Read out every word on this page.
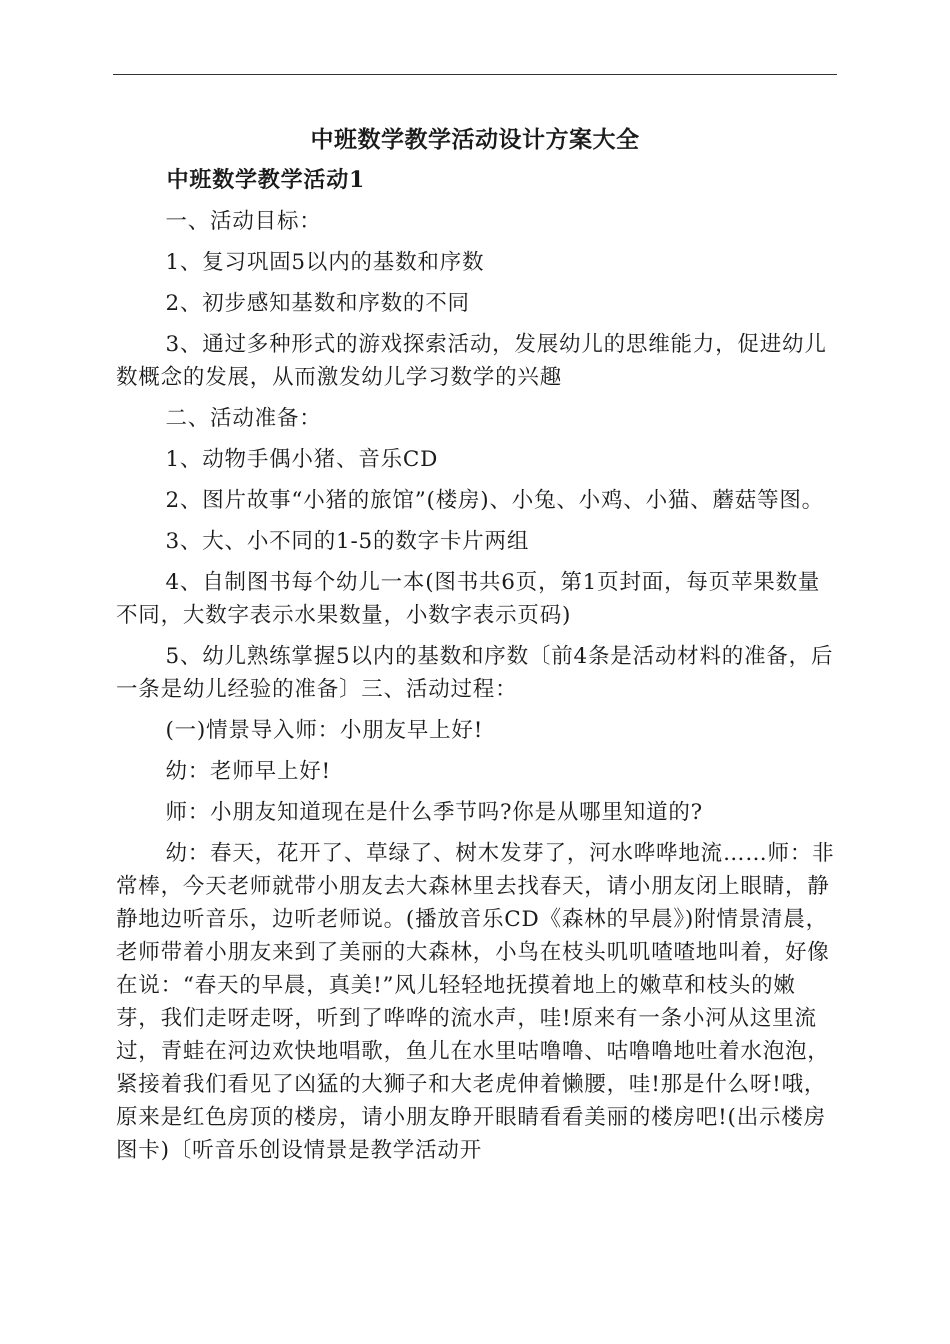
中班数学教学活动设计方案大全

中班数学教学活动1

一、活动目标：

1、复习巩固5以内的基数和序数

2、初步感知基数和序数的不同

3、通过多种形式的游戏探索活动，发展幼儿的思维能力，促进幼儿数概念的发展，从而激发幼儿学习数学的兴趣

二、活动准备：

1、动物手偶小猪、音乐CD

2、图片故事“小猪的旅馆”(楼房)、小兔、小鸡、小猫、蘑菇等图。

3、大、小不同的1-5的数字卡片两组

4、自制图书每个幼儿一本(图书共6页，第1页封面，每页苹果数量不同，大数字表示水果数量，小数字表示页码)

5、幼儿熟练掌握5以内的基数和序数〔前4条是活动材料的准备，后一条是幼儿经验的准备〕三、活动过程：

(一)情景导入师：小朋友早上好!

幼：老师早上好!

师：小朋友知道现在是什么季节吗?你是从哪里知道的?

幼：春天，花开了、草绿了、树木发芽了，河水哗哗地流……师：非常棒，今天老师就带小朋友去大森林里去找春天，请小朋友闭上眼睛，静静地边听音乐，边听老师说。(播放音乐CD《森林的早晨》)附情景清晨，老师带着小朋友来到了美丽的大森林，小鸟在枝头叽叽喳喳地叫着，好像在说：“春天的早晨，真美!”风儿轻轻地抚摸着地上的嫩草和枝头的嫩芽，我们走呀走呀，听到了哗哗的流水声，哇!原来有一条小河从这里流过，青蛙在河边欢快地唱歌，鱼儿在水里咕噜噜、咕噜噜地吐着水泡泡，紧接着我们看见了凶猛的大狮子和大老虎伸着懒腰，哇!那是什么呀!哦，原来是红色房顶的楼房，请小朋友睁开眼睛看看美丽的楼房吧!(出示楼房图卡)〔听音乐创设情景是教学活动开
